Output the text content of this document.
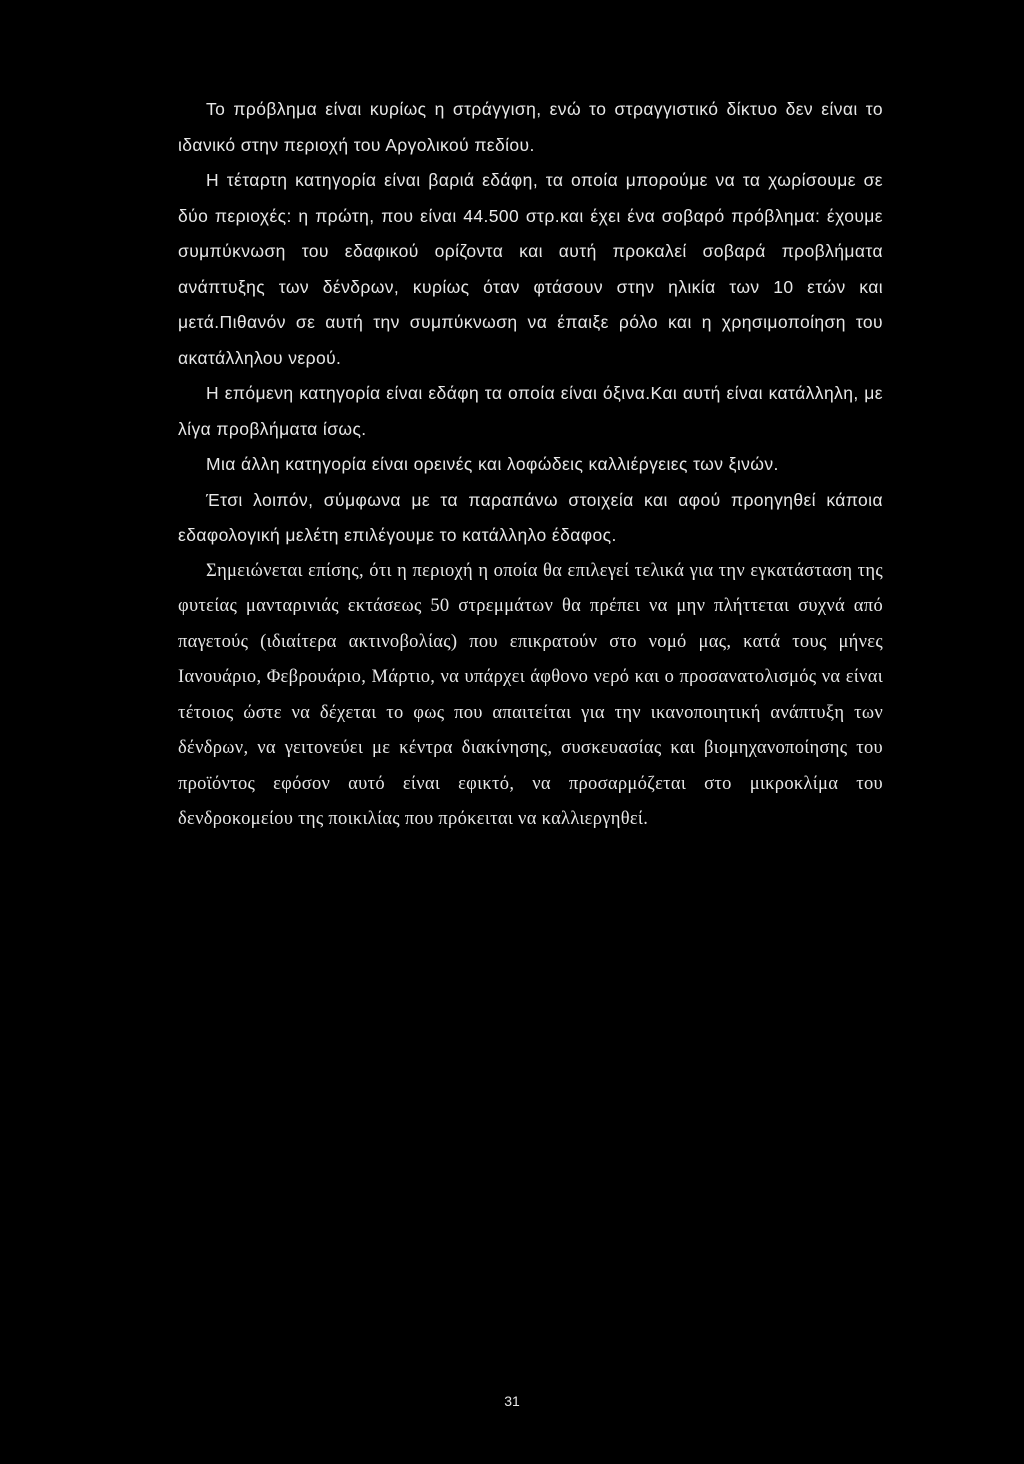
Το πρόβλημα είναι κυρίως η στράγγιση, ενώ το στραγγιστικό δίκτυο δεν είναι το ιδανικό στην περιοχή του Αργολικού πεδίου.

Η τέταρτη κατηγορία είναι βαριά εδάφη, τα οποία μπορούμε να τα χωρίσουμε σε δύο περιοχές: η πρώτη, που είναι 44.500 στρ.και έχει ένα σοβαρό πρόβλημα: έχουμε συμπύκνωση του εδαφικού ορίζοντα και αυτή προκαλεί σοβαρά προβλήματα ανάπτυξης των δένδρων, κυρίως όταν φτάσουν στην ηλικία των 10 ετών και μετά.Πιθανόν σε αυτή την συμπύκνωση να έπαιξε ρόλο και η χρησιμοποίηση του ακατάλληλου νερού.

Η επόμενη κατηγορία είναι εδάφη τα οποία είναι όξινα.Και αυτή είναι κατάλληλη, με λίγα προβλήματα ίσως.

Μια άλλη κατηγορία είναι ορεινές και λοφώδεις καλλιέργειες των ξινών.

Έτσι λοιπόν, σύμφωνα με τα παραπάνω στοιχεία και αφού προηγηθεί κάποια εδαφολογική μελέτη επιλέγουμε το κατάλληλο έδαφος.

Σημειώνεται επίσης, ότι η περιοχή η οποία θα επιλεγεί τελικά για την εγκατάσταση της φυτείας μανταρινιάς εκτάσεως 50 στρεμμάτων θα πρέπει να μην πλήττεται συχνά από παγετούς (ιδιαίτερα ακτινοβολίας) που επικρατούν στο νομό μας, κατά τους μήνες Ιανουάριο, Φεβρουάριο, Μάρτιο, να υπάρχει άφθονο νερό και ο προσανατολισμός να είναι τέτοιος ώστε να δέχεται το φως που απαιτείται για την ικανοποιητική ανάπτυξη των δένδρων, να γειτονεύει με κέντρα διακίνησης, συσκευασίας και βιομηχανοποίησης του προϊόντος εφόσον αυτό είναι εφικτό, να προσαρμόζεται στο μικροκλίμα του δενδροκομείου της ποικιλίας που πρόκειται να καλλιεργηθεί.

31
